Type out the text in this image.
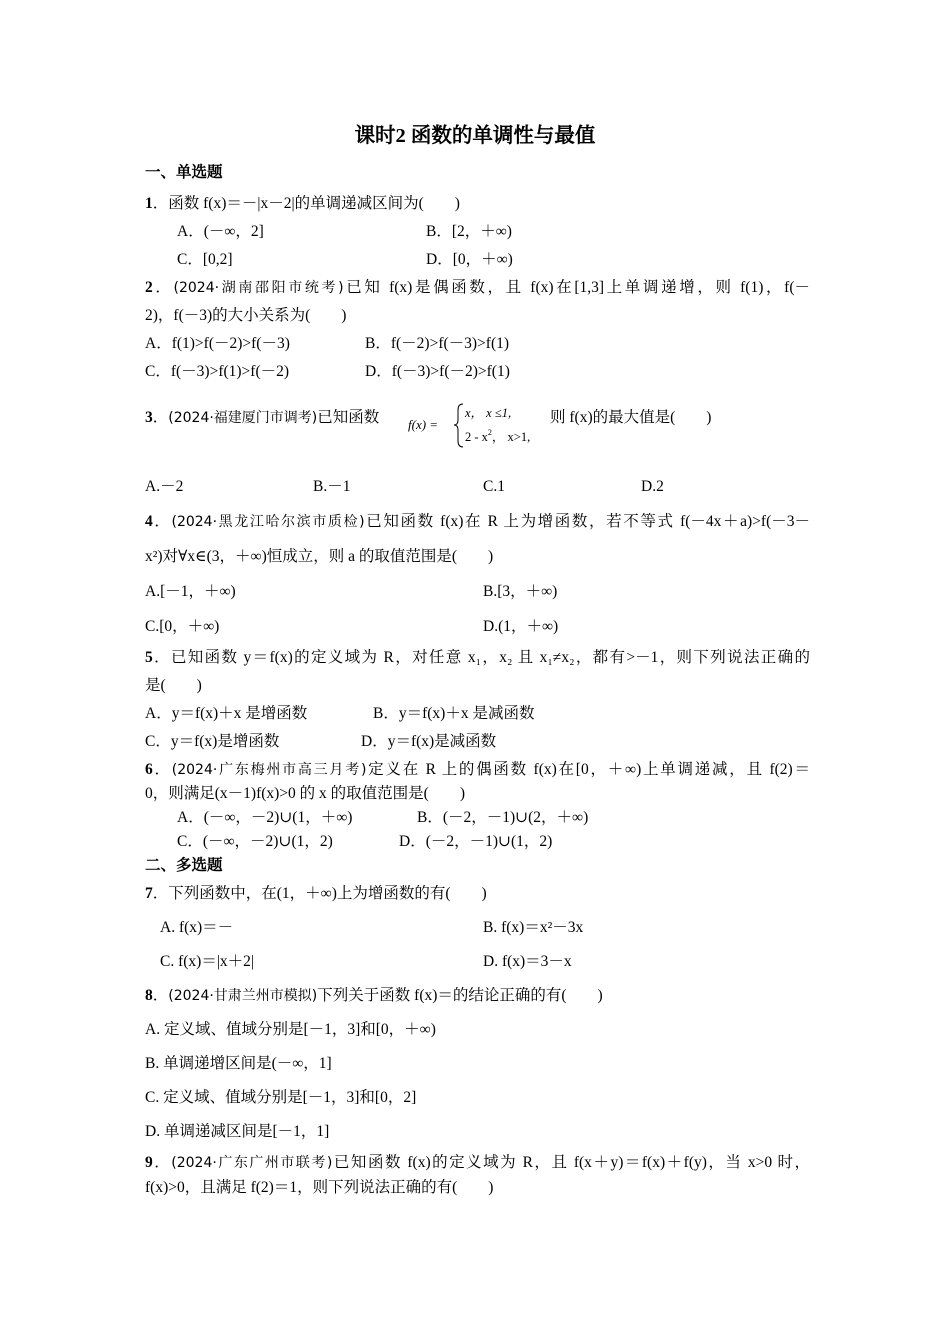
课时2 函数的单调性与最值
一、单选题
1．函数 f(x)＝－|x－2|的单调递减区间为(　　)
A．(－∞，2]	B．[2，＋∞)
C．[0,2]	D．[0，＋∞)
2．(2024·湖南邵阳市统考)已知 f(x)是偶函数，且 f(x)在[1,3]上单调递增，则 f(1)，f(－
2)，f(－3)的大小关系为(　　)
A．f(1)>f(－2)>f(－3)	B．f(－2)>f(－3)>f(1)
C．f(－3)>f(1)>f(－2)	D．f(－3)>f(－2)>f(1)
3．(2024·福建厦门市调考)已知函数 f(x) =
x， x ≤1,
$2 - x^2$， x>1,
则 f(x)的最大值是(　　)
A.－2	B.－1	C.1	D.2
4．(2024·黑龙江哈尔滨市质检)已知函数 f(x)在 R 上为增函数，若不等式 f(－4x＋a)>f(－3－
x²)对∀x∈(3，＋∞)恒成立，则 a 的取值范围是(　　)
A.[－1，＋∞)	B.[3，＋∞)
C.[0，＋∞)	D.(1，＋∞)
5．已知函数 y＝f(x)的定义域为 R，对任意 x₁，x₂ 且 x₁≠x₂，都有>－1，则下列说法正确的
是(　　)
A．y＝f(x)＋x 是增函数	B．y＝f(x)＋x 是减函数
C．y＝f(x)是增函数	D．y＝f(x)是减函数
6．(2024·广东梅州市高三月考)定义在 R 上的偶函数 f(x)在[0，＋∞)上单调递减，且 f(2)＝
0，则满足(x－1)f(x)>0 的 x 的取值范围是(　　)
A．(－∞，－2)∪(1，＋∞)	B．(－2，－1)∪(2，＋∞)
C．(－∞，－2)∪(1，2)	D．(－2，－1)∪(1，2)
二、多选题
7．下列函数中，在(1，＋∞)上为增函数的有(　　)
A. f(x)＝－	B. f(x)＝x²－3x
C. f(x)＝|x＋2|	D. f(x)＝3－x
8．(2024·甘肃兰州市模拟)下列关于函数 f(x)＝的结论正确的有(　　)
A. 定义域、值域分别是[－1，3]和[0，＋∞)
B. 单调递增区间是(－∞，1]
C. 定义域、值域分别是[－1，3]和[0，2]
D. 单调递减区间是[－1，1]
9．(2024·广东广州市联考)已知函数 f(x)的定义域为 R，且 f(x＋y)＝f(x)＋f(y)，当 x>0 时，
f(x)>0，且满足 f(2)＝1，则下列说法正确的有(　　)
